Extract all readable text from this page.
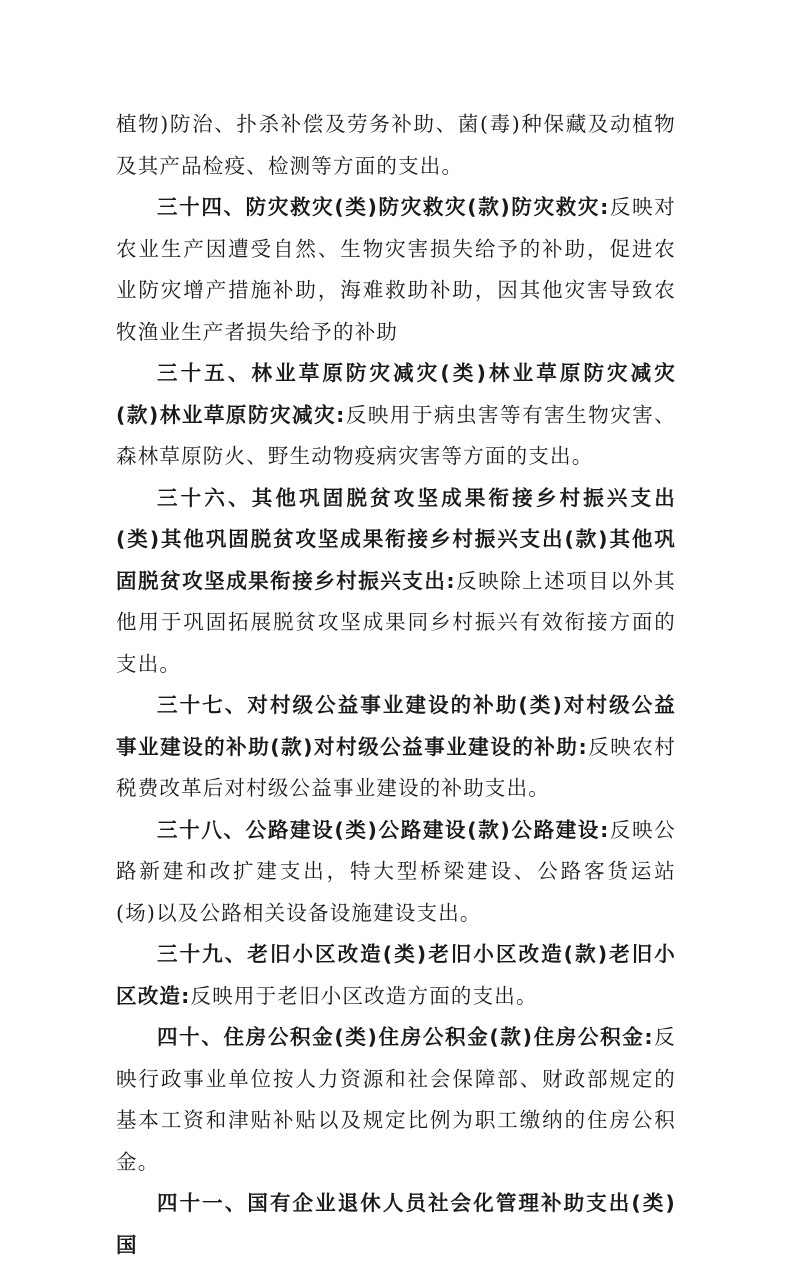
植物)防治、扑杀补偿及劳务补助、菌(毒)种保藏及动植物及其产品检疫、检测等方面的支出。

三十四、防灾救灾(类)防灾救灾(款)防灾救灾:反映对农业生产因遭受自然、生物灾害损失给予的补助，促进农业防灾增产措施补助，海难救助补助，因其他灾害导致农牧渔业生产者损失给予的补助

三十五、林业草原防灾减灾(类)林业草原防灾减灾(款)林业草原防灾减灾:反映用于病虫害等有害生物灾害、森林草原防火、野生动物疫病灾害等方面的支出。

三十六、其他巩固脱贫攻坚成果衔接乡村振兴支出(类)其他巩固脱贫攻坚成果衔接乡村振兴支出(款)其他巩固脱贫攻坚成果衔接乡村振兴支出:反映除上述项目以外其他用于巩固拓展脱贫攻坚成果同乡村振兴有效衔接方面的支出。

三十七、对村级公益事业建设的补助(类)对村级公益事业建设的补助(款)对村级公益事业建设的补助:反映农村税费改革后对村级公益事业建设的补助支出。

三十八、公路建设(类)公路建设(款)公路建设:反映公路新建和改扩建支出，特大型桥梁建设、公路客货运站(场)以及公路相关设备设施建设支出。

三十九、老旧小区改造(类)老旧小区改造(款)老旧小区改造:反映用于老旧小区改造方面的支出。

四十、住房公积金(类)住房公积金(款)住房公积金:反映行政事业单位按人力资源和社会保障部、财政部规定的基本工资和津贴补贴以及规定比例为职工缴纳的住房公积金。

四十一、国有企业退休人员社会化管理补助支出(类)国
